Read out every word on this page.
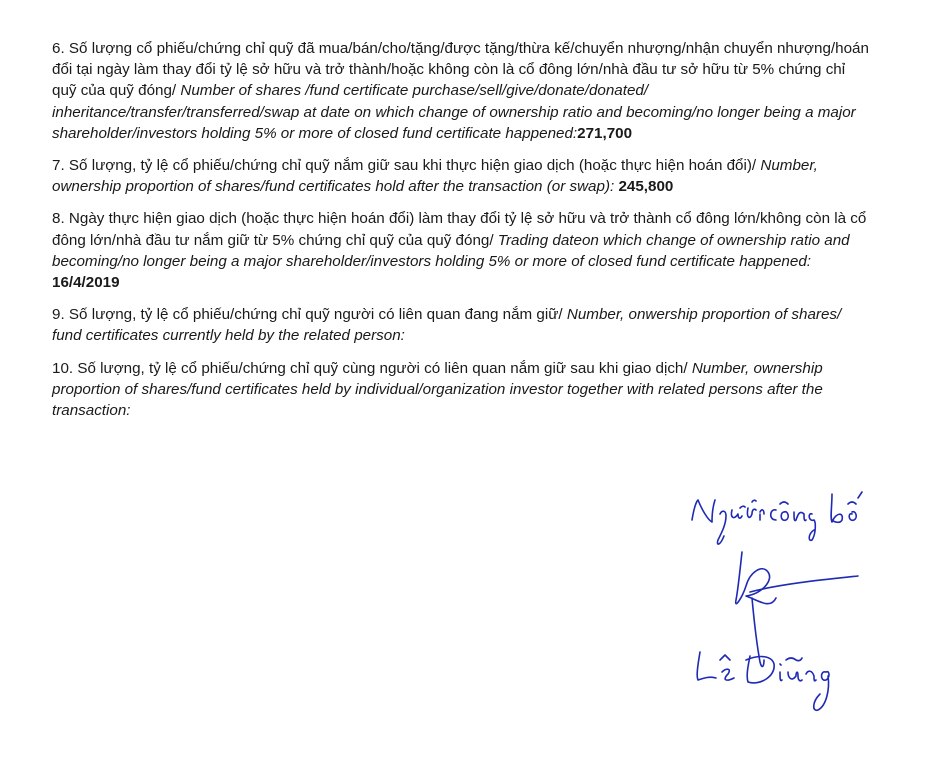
6. Số lượng cổ phiếu/chứng chỉ quỹ đã mua/bán/cho/tặng/được tặng/thừa kế/chuyển nhượng/nhận chuyển nhượng/hoán đổi tại ngày làm thay đổi tỷ lệ sở hữu và trở thành/hoặc không còn là cổ đông lớn/nhà đầu tư sở hữu từ 5% chứng chỉ quỹ của quỹ đóng/ Number of shares /fund certificate purchase/sell/give/donate/donated/ inheritance/transfer/transferred/swap at date on which change of ownership ratio and becoming/no longer being a major shareholder/investors holding 5% or more of closed fund certificate happened:271,700

7. Số lượng, tỷ lệ cổ phiếu/chứng chỉ quỹ nắm giữ sau khi thực hiện giao dịch (hoặc thực hiện hoán đổi)/ Number, ownership proportion of shares/fund certificates hold after the transaction (or swap): 245,800

8. Ngày thực hiện giao dịch (hoặc thực hiện hoán đổi) làm thay đổi tỷ lệ sở hữu và trở thành cổ đông lớn/không còn là cổ đông lớn/nhà đầu tư nắm giữ từ 5% chứng chỉ quỹ của quỹ đóng/ Trading dateon which change of ownership ratio and becoming/no longer being a major shareholder/investors holding 5% or more of closed fund certificate happened: 16/4/2019

9. Số lượng, tỷ lệ cổ phiếu/chứng chỉ quỹ người có liên quan đang nắm giữ/ Number, onwership proportion of shares/ fund certificates currently held by the related person:

10. Số lượng, tỷ lệ cổ phiếu/chứng chỉ quỹ cùng người có liên quan nắm giữ sau khi giao dịch/ Number, ownership proportion of shares/fund certificates held by individual/organization investor together with related persons after the transaction:
